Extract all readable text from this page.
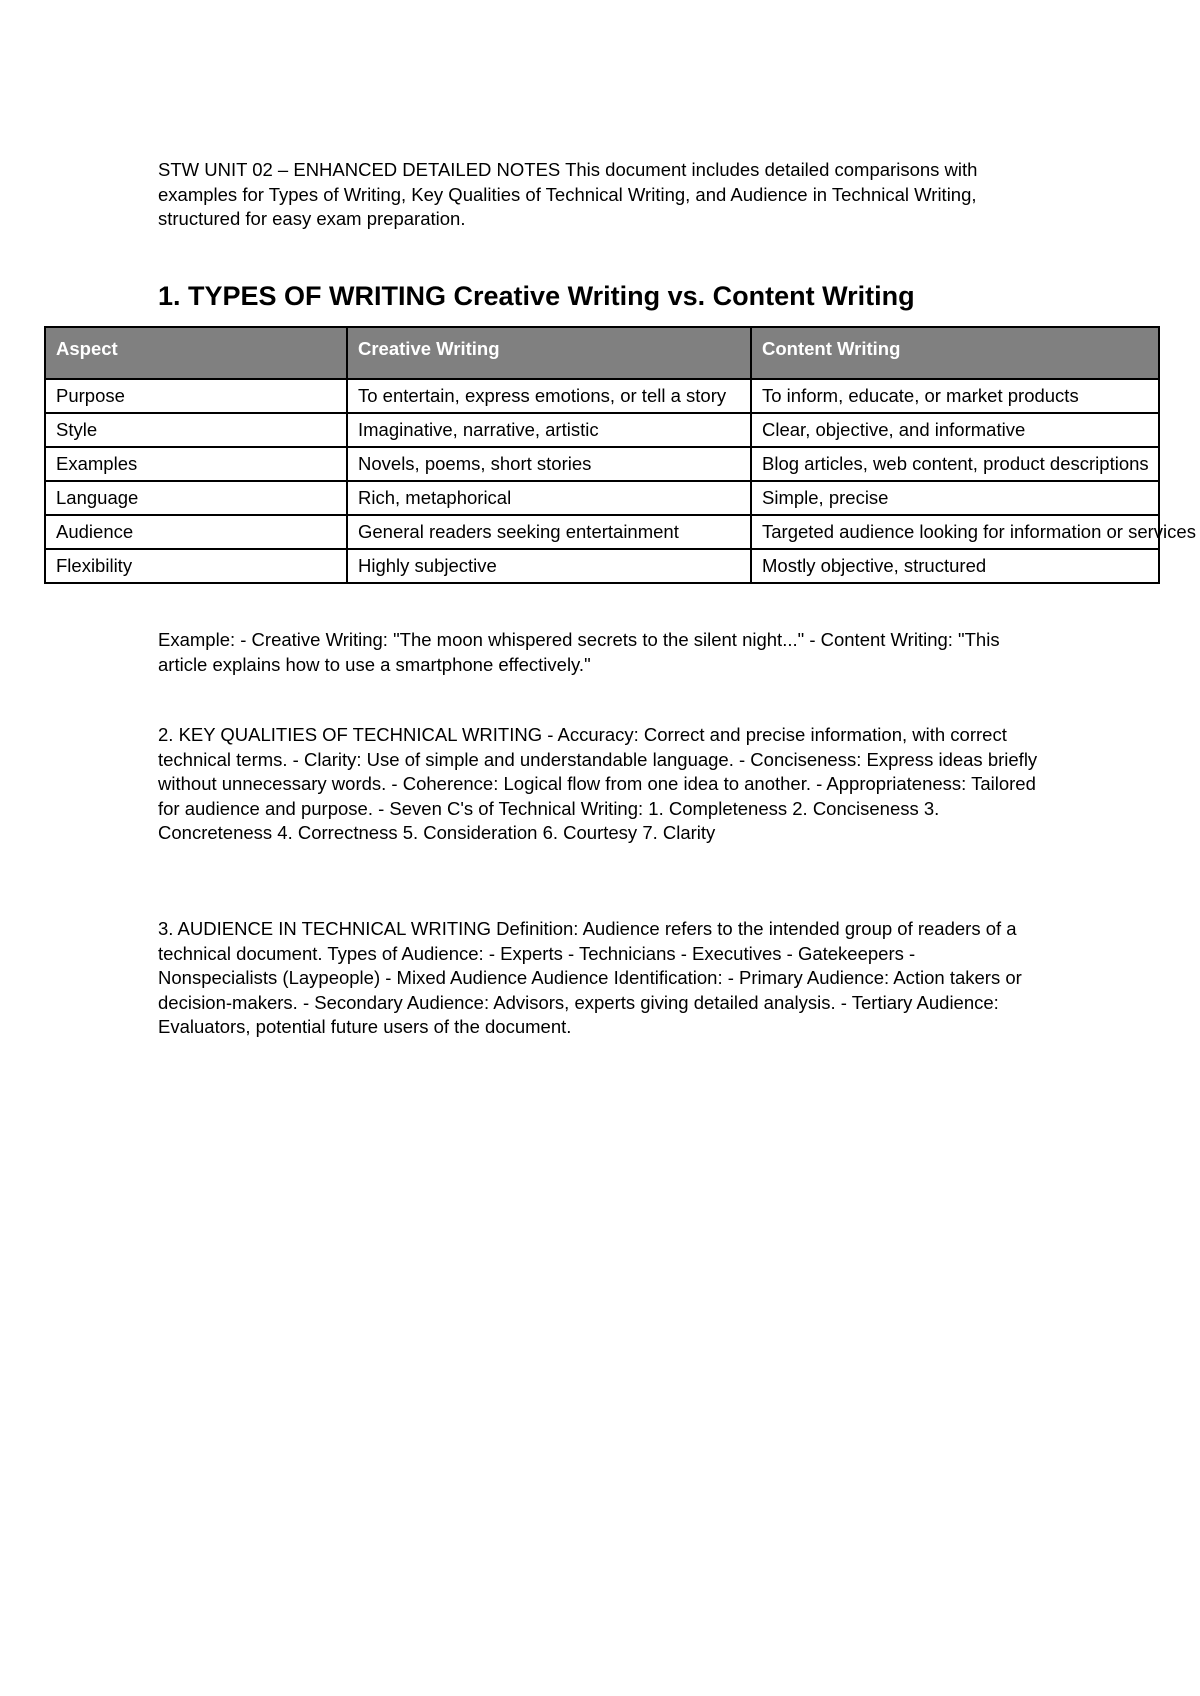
STW UNIT 02 – ENHANCED DETAILED NOTES This document includes detailed comparisons with examples for Types of Writing, Key Qualities of Technical Writing, and Audience in Technical Writing, structured for easy exam preparation.

1. TYPES OF WRITING Creative Writing vs. Content Writing
Aspect	Creative Writing	Content Writing
Purpose	To entertain, express emotions, or tell a story	To inform, educate, or market products
Style	Imaginative, narrative, artistic	Clear, objective, and informative
Examples	Novels, poems, short stories	Blog articles, web content, product descriptions
Language	Rich, metaphorical	Simple, precise
Audience	General readers seeking entertainment	Targeted audience looking for information or services
Flexibility	Highly subjective	Mostly objective, structured

Example: - Creative Writing: "The moon whispered secrets to the silent night..." - Content Writing: "This article explains how to use a smartphone effectively."

2. KEY QUALITIES OF TECHNICAL WRITING - Accuracy: Correct and precise information, with correct technical terms. - Clarity: Use of simple and understandable language. - Conciseness: Express ideas briefly without unnecessary words. - Coherence: Logical flow from one idea to another. - Appropriateness: Tailored for audience and purpose. - Seven C's of Technical Writing: 1. Completeness 2. Conciseness 3. Concreteness 4. Correctness 5. Consideration 6. Courtesy 7. Clarity

3. AUDIENCE IN TECHNICAL WRITING Definition: Audience refers to the intended group of readers of a technical document. Types of Audience: - Experts - Technicians - Executives - Gatekeepers - Nonspecialists (Laypeople) - Mixed Audience Audience Identification: - Primary Audience: Action takers or decision-makers. - Secondary Audience: Advisors, experts giving detailed analysis. - Tertiary Audience: Evaluators, potential future users of the document.
